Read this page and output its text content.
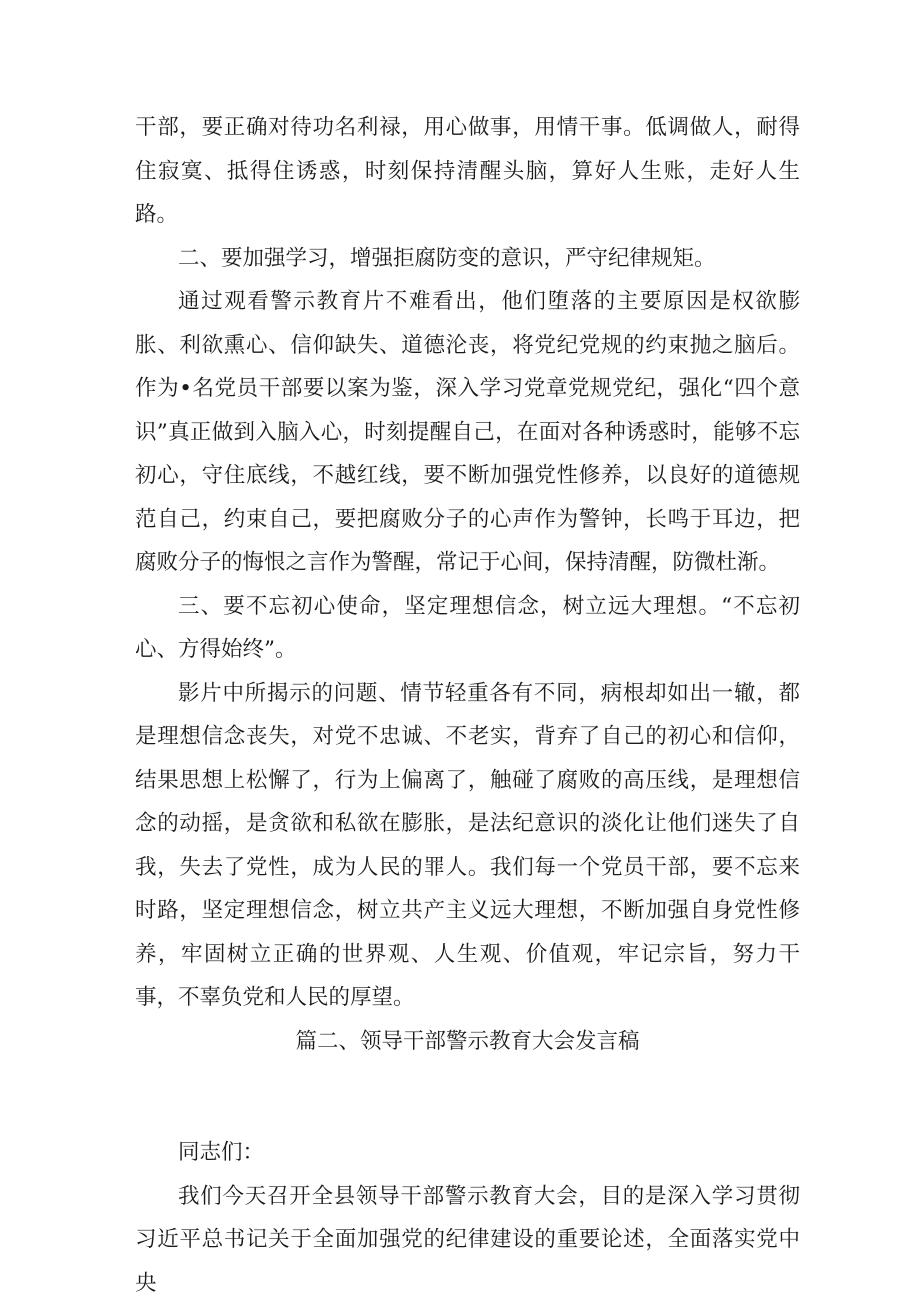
干部，要正确对待功名利禄，用心做事，用情干事。低调做人，耐得住寂寞、抵得住诱惑，时刻保持清醒头脑，算好人生账，走好人生路。

二、要加强学习，增强拒腐防变的意识，严守纪律规矩。

通过观看警示教育片不难看出，他们堕落的主要原因是权欲膨胀、利欲熏心、信仰缺失、道德沦丧，将党纪党规的约束抛之脑后。作为•名党员干部要以案为鉴，深入学习党章党规党纪，强化“四个意识”真正做到入脑入心，时刻提醒自己，在面对各种诱惑时，能够不忘初心，守住底线，不越红线，要不断加强党性修养，以良好的道德规范自己，约束自己，要把腐败分子的心声作为警钟，长鸣于耳边，把腐败分子的悔恨之言作为警醒，常记于心间，保持清醒，防微杜渐。

三、要不忘初心使命，坚定理想信念，树立远大理想。“不忘初心、方得始终”。

影片中所揭示的问题、情节轻重各有不同，病根却如出一辙，都是理想信念丧失，对党不忠诚、不老实，背弃了自己的初心和信仰，结果思想上松懈了，行为上偏离了，触碰了腐败的高压线，是理想信念的动摇，是贪欲和私欲在膨胀，是法纪意识的淡化让他们迷失了自我，失去了党性，成为人民的罪人。我们每一个党员干部，要不忘来时路，坚定理想信念，树立共产主义远大理想，不断加强自身党性修养，牢固树立正确的世界观、人生观、价值观，牢记宗旨，努力干事，不辜负党和人民的厚望。

篇二、领导干部警示教育大会发言稿

同志们：

我们今天召开全县领导干部警示教育大会，目的是深入学习贯彻习近平总书记关于全面加强党的纪律建设的重要论述，全面落实党中央
